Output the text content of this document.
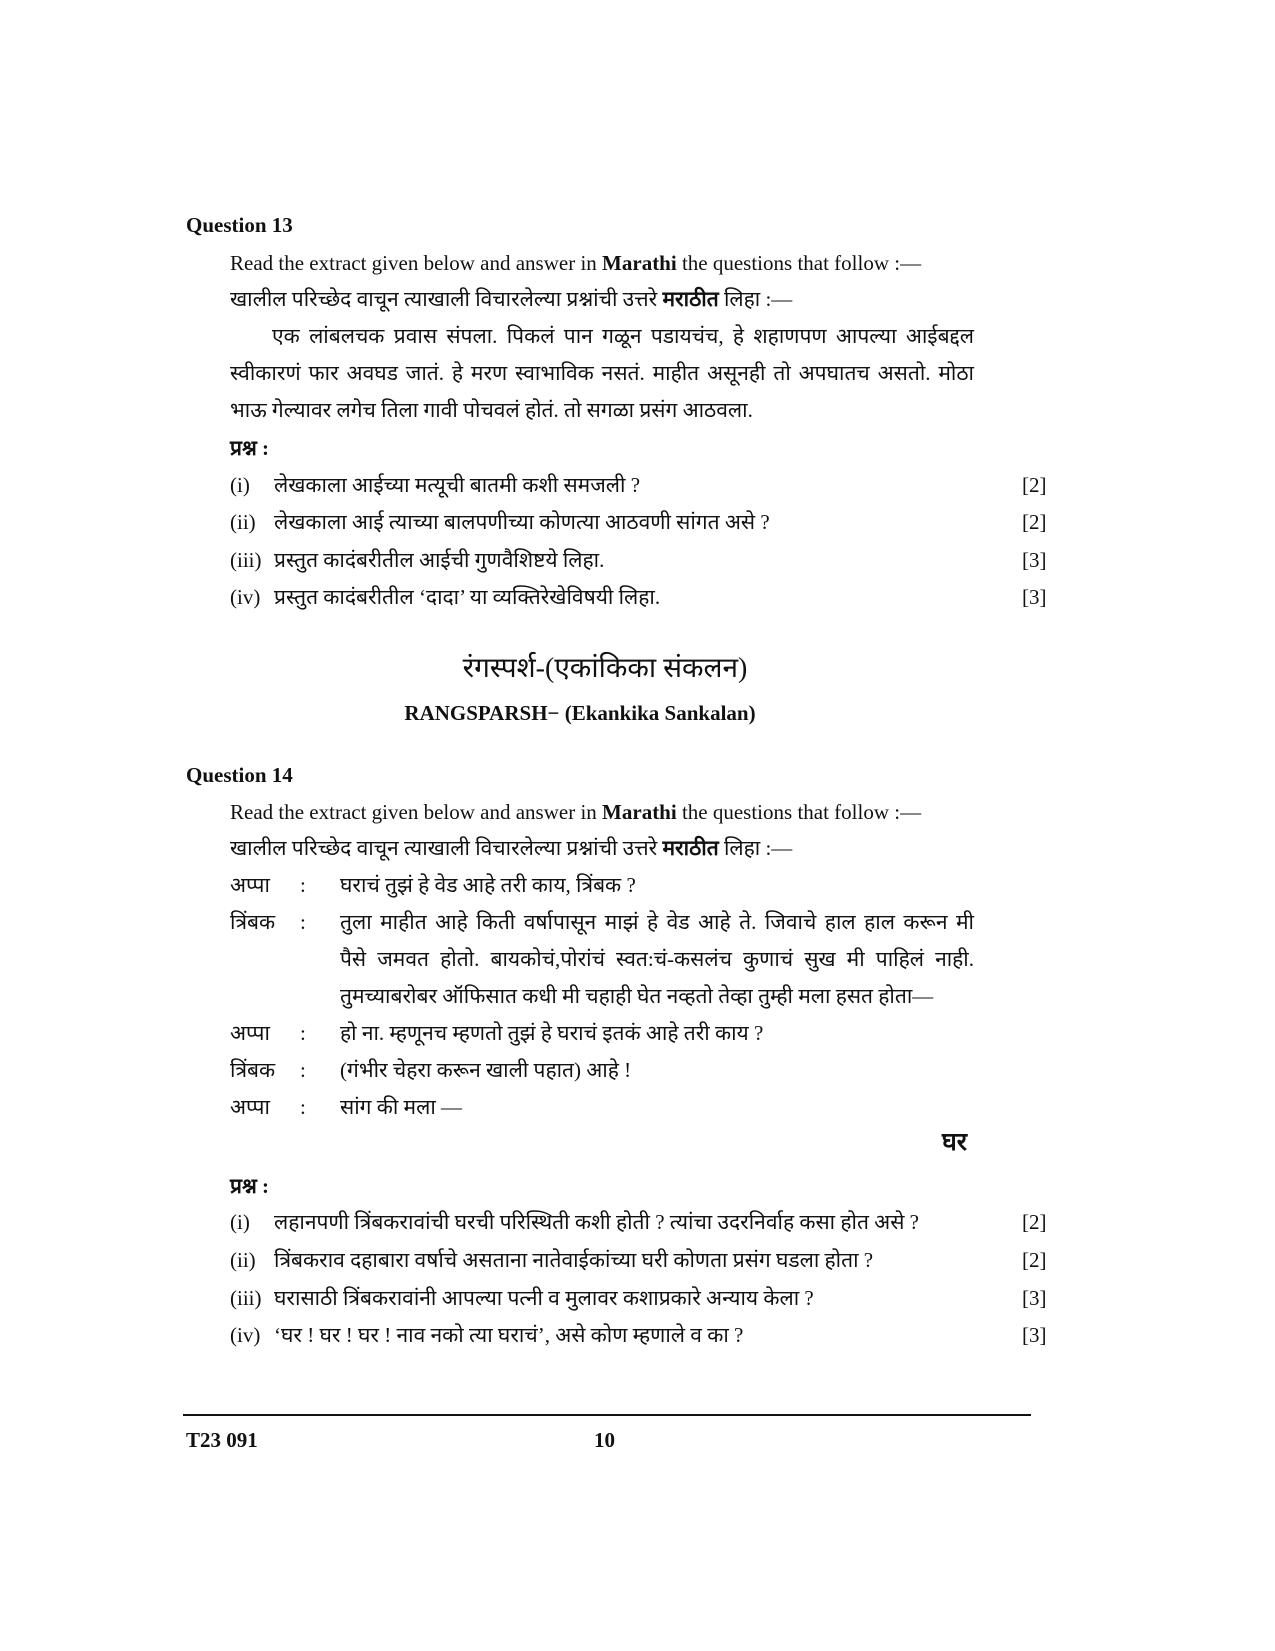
Question 13
Read the extract given below and answer in Marathi the questions that follow :—
खालील परिच्छेद वाचून त्याखाली विचारलेल्या प्रश्नांची उत्तरे मराठीत लिहा :—
एक लांबलचक प्रवास संपला. पिकलं पान गळून पडायचंच, हे शहाणपण आपल्या आईबद्दल
स्वीकारणं फार अवघड जातं. हे मरण स्वाभाविक नसतं. माहीत असूनही तो अपघातच असतो. मोठा
भाऊ गेल्यावर लगेच तिला गावी पोचवलं होतं. तो सगळा प्रसंग आठवला.
प्रश्न :
(i) लेखकाला आईच्या मत्यूची बातमी कशी समजली ?	[2]
(ii) लेखकाला आई त्याच्या बालपणीच्या कोणत्या आठवणी सांगत असे ?	[2]
(iii) प्रस्तुत कादंबरीतील आईची गुणवैशिष्टये लिहा.	[3]
(iv) प्रस्तुत कादंबरीतील ‘दादा’ या व्यक्तिरेखेविषयी लिहा.	[3]
रंगस्पर्श-(एकांकिका संकलन)
RANGSPARSH− (Ekankika Sankalan)
Question 14
Read the extract given below and answer in Marathi the questions that follow :—
खालील परिच्छेद वाचून त्याखाली विचारलेल्या प्रश्नांची उत्तरे मराठीत लिहा :—
अप्पा : घराचं तुझं हे वेड आहे तरी काय, त्रिंबक ?
त्रिंबक :	तुला माहीत आहे किती वर्षापासून माझं हे वेड आहे ते. जिवाचे हाल हाल करून मी
पैसे जमवत होतो. बायकोचं,पोरांचं स्वत:चं-कसलंच कुणाचं सुख मी पाहिलं नाही.
तुमच्याबरोबर ऑफिसात कधी मी चहाही घेत नव्हतो तेव्हा तुम्ही मला हसत होता—
अप्पा : हो ना. म्हणूनच म्हणतो तुझं हे घराचं इतकं आहे तरी काय ?
त्रिंबक : (गंभीर चेहरा करून खाली पहात) आहे !
अप्पा : सांग की मला —
घर
प्रश्न :
(i) लहानपणी त्रिंबकरावांची घरची परिस्थिती कशी होती ? त्यांचा उदरनिर्वाह कसा होत असे ?	[2]
(ii) त्रिंबकराव दहाबारा वर्षाचे असताना नातेवाईकांच्या घरी कोणता प्रसंग घडला होता ?	[2]
(iii) घरासाठी त्रिंबकरावांनी आपल्या पत्नी व मुलावर कशाप्रकारे अन्याय केला ?	[3]
(iv) ‘घर ! घर ! घर ! नाव नको त्या घराचं’, असे कोण म्हणाले व का ?	[3]
T23 091	10
